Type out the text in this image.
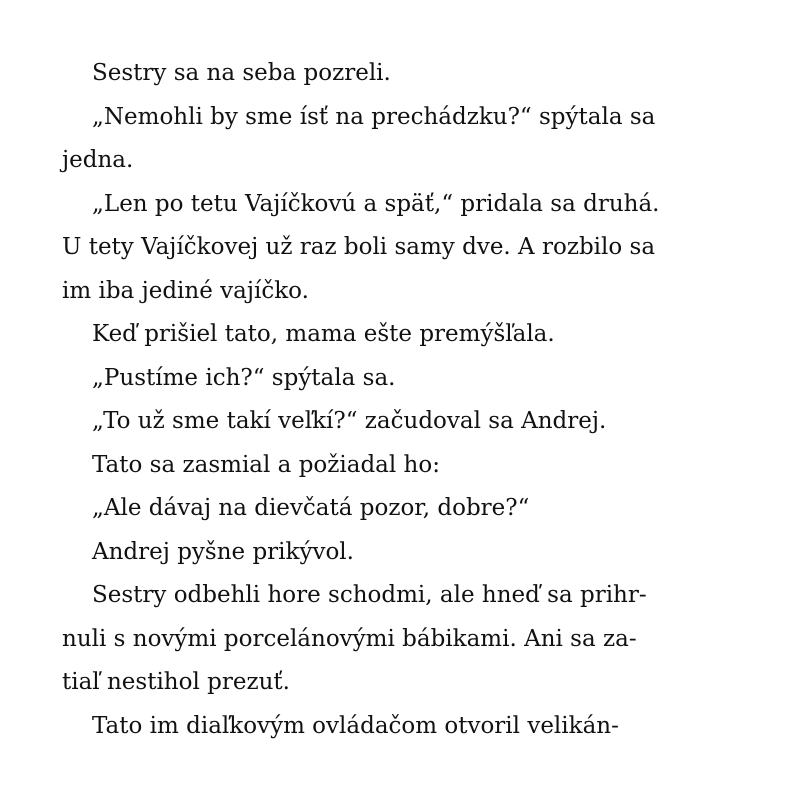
Sestry sa na seba pozreli.
„Nemohli by sme ísť na prechádzku?“ spýtala sa
jedna.
„Len po tetu Vajíčkovú a späť,“ pridala sa druhá.
U tety Vajíčkovej už raz boli samy dve. A rozbilo sa
im iba jediné vajíčko.
Keď prišiel tato, mama ešte premýšľala.
„Pustíme ich?“ spýtala sa.
„To už sme takí veľkí?“ začudoval sa Andrej.
Tato sa zasmial a požiadal ho:
„Ale dávaj na dievčatá pozor, dobre?“
Andrej pyšne prikývol.
Sestry odbehli hore schodmi, ale hneď sa prihr-
nuli s novými porcelánovými bábikami. Ani sa za-
tiaľ nestihol prezuť.
Tato im diaľkovým ovládačom otvoril velikán-
